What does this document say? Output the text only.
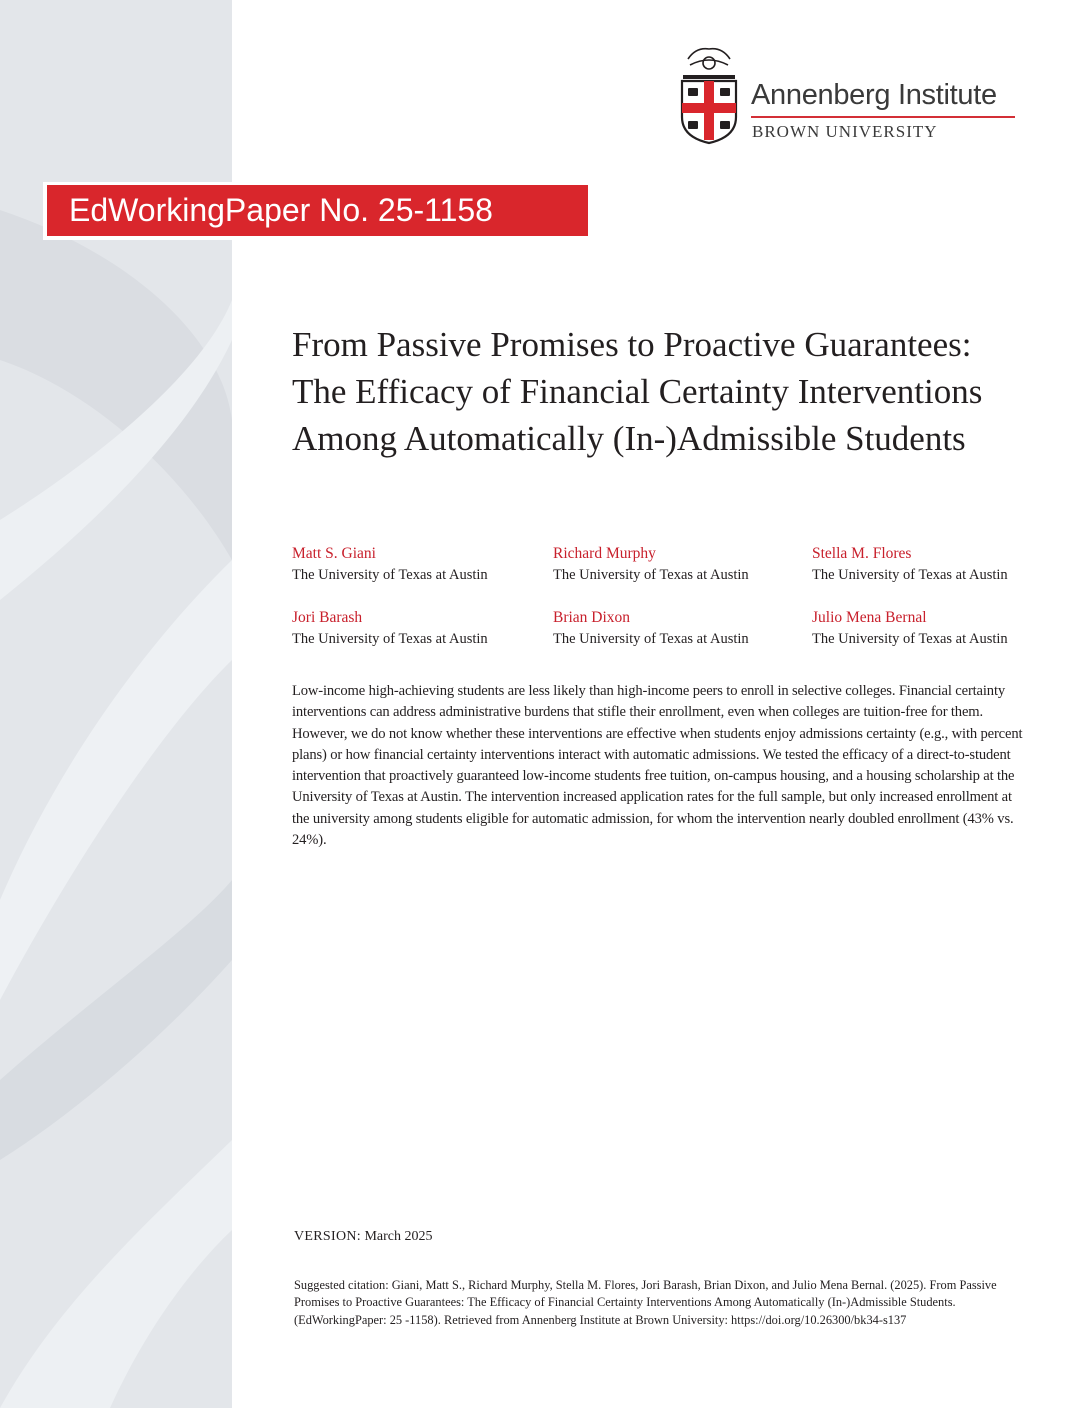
Annenberg Institute
BROWN UNIVERSITY
EdWorkingPaper No. 25-1158
From Passive Promises to Proactive Guarantees: The Efficacy of Financial Certainty Interventions Among Automatically (In-)Admissible Students
Matt S. Giani
The University of Texas at Austin
Richard Murphy
The University of Texas at Austin
Stella M. Flores
The University of Texas at Austin
Jori Barash
The University of Texas at Austin
Brian Dixon
The University of Texas at Austin
Julio Mena Bernal
The University of Texas at Austin

Low-income high-achieving students are less likely than high-income peers to enroll in selective colleges. Financial certainty interventions can address administrative burdens that stifle their enrollment, even when colleges are tuition-free for them. However, we do not know whether these interventions are effective when students enjoy admissions certainty (e.g., with percent plans) or how financial certainty interventions interact with automatic admissions. We tested the efficacy of a direct-to-student intervention that proactively guaranteed low-income students free tuition, on-campus housing, and a housing scholarship at the University of Texas at Austin. The intervention increased application rates for the full sample, but only increased enrollment at the university among students eligible for automatic admission, for whom the intervention nearly doubled enrollment (43% vs. 24%).

VERSION: March 2025

Suggested citation: Giani, Matt S., Richard Murphy, Stella M. Flores, Jori Barash, Brian Dixon, and Julio Mena Bernal. (2025). From Passive Promises to Proactive Guarantees: The Efficacy of Financial Certainty Interventions Among Automatically (In-)Admissible Students. (EdWorkingPaper: 25 -1158). Retrieved from Annenberg Institute at Brown University: https://doi.org/10.26300/bk34-s137
